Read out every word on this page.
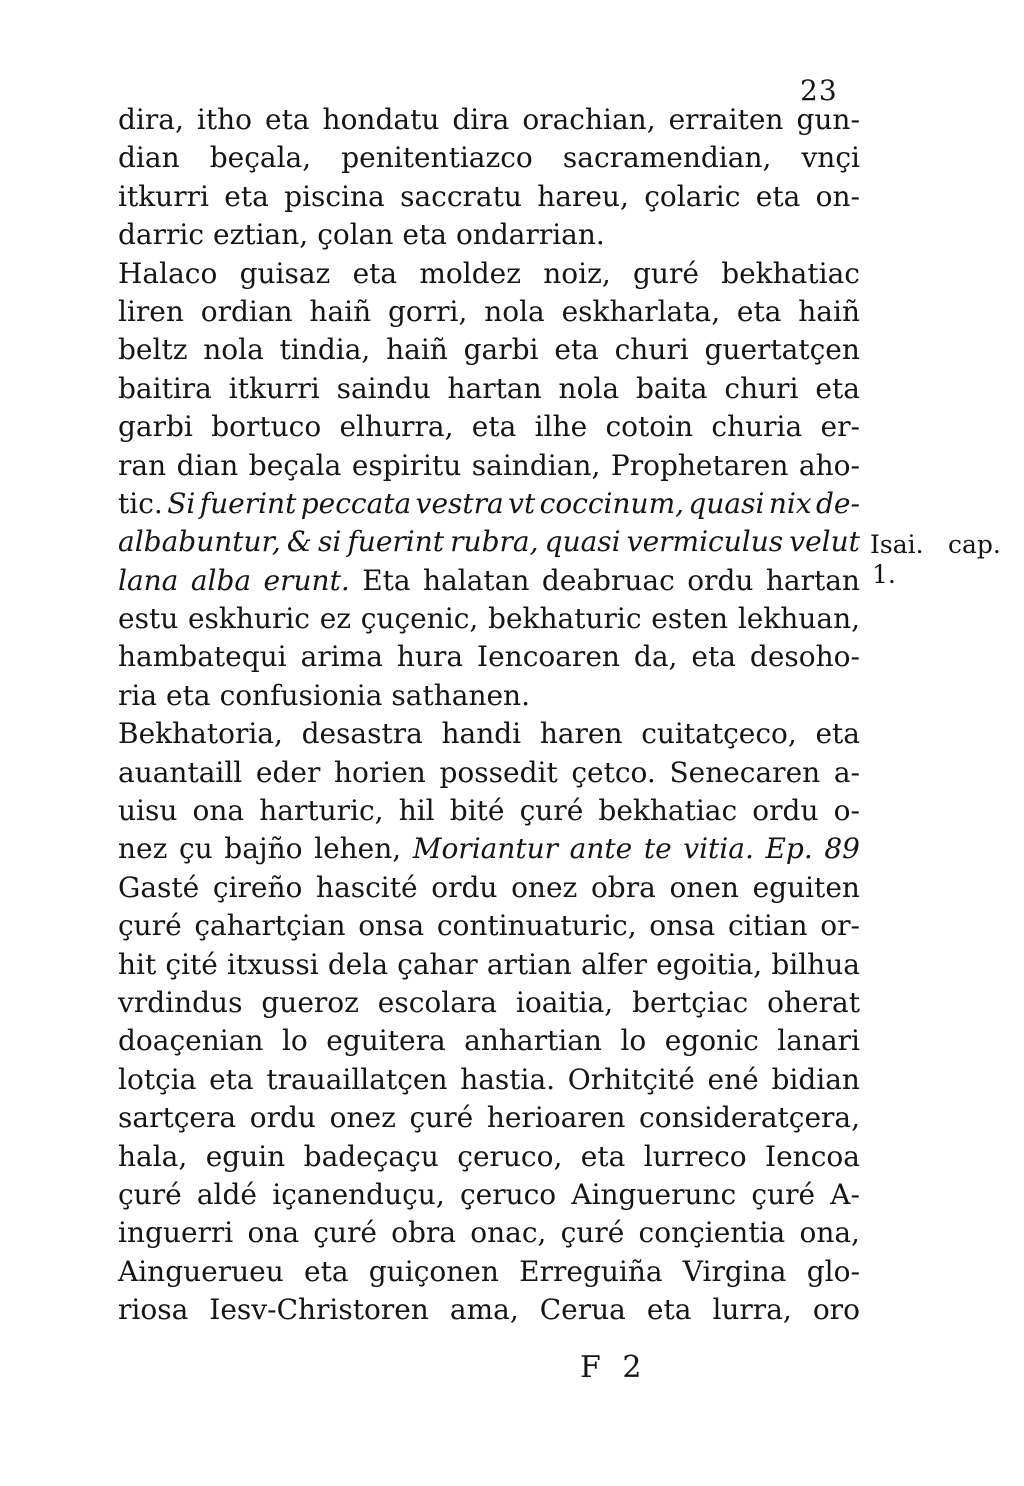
23
dira, itho eta hondatu dira orachian, erraiten gun-
dian beçala, penitentiazco sacramendian, vnçi
itkurri eta piscina saccratu hareu, çolaric eta on-
darric eztian, çolan eta ondarrian.
Halaco guisaz eta moldez noiz, guré bekhatiac
liren ordian haiñ gorri, nola eskharlata, eta haiñ
beltz nola tindia, haiñ garbi eta churi guertatçen
baitira itkurri saindu hartan nola baita churi eta
garbi bortuco elhurra, eta ilhe cotoin churia er-
ran dian beçala espiritu saindian, Prophetaren aho-
tic. Si fuerint peccata vestra vt coccinum, quasi nix de-
albabuntur, & si fuerint rubra, quasi vermiculus velut
lana alba erunt. Eta halatan deabruac ordu hartan
estu eskhuric ez çuçenic, bekhaturic esten lekhuan,
hambatequi arima hura Iencoaren da, eta desoho-
ria eta confusionia sathanen.
Bekhatoria, desastra handi haren cuitatçeco, eta
auantaill eder horien possedit çetco. Senecaren a-
uisu ona harturic, hil bité çuré bekhatiac ordu o-
nez çu bajño lehen, Moriantur ante te vitia. Ep. 89
Gasté çireño hascité ordu onez obra onen eguiten
çuré çahartçian onsa continuaturic, onsa citian or-
hit çité itxussi dela çahar artian alfer egoitia, bilhua
vrdindus gueroz escolara ioaitia, bertçiac oherat
doaçenian lo eguitera anhartian lo egonic lanari
lotçia eta trauaillatçen hastia. Orhitçité ené bidian
sartçera ordu onez çuré herioaren consideratçera,
hala, eguin badeçaçu çeruco, eta lurreco Iencoa
çuré aldé içanenduçu, çeruco Ainguerunc çuré A-
inguerri ona çuré obra onac, çuré conçientia ona,
Ainguerueu eta guiçonen Erreguiña Virgina glo-
riosa Iesv-Christoren ama, Ceruа eta lurra, oro
Isai. cap.
1.
F 2
